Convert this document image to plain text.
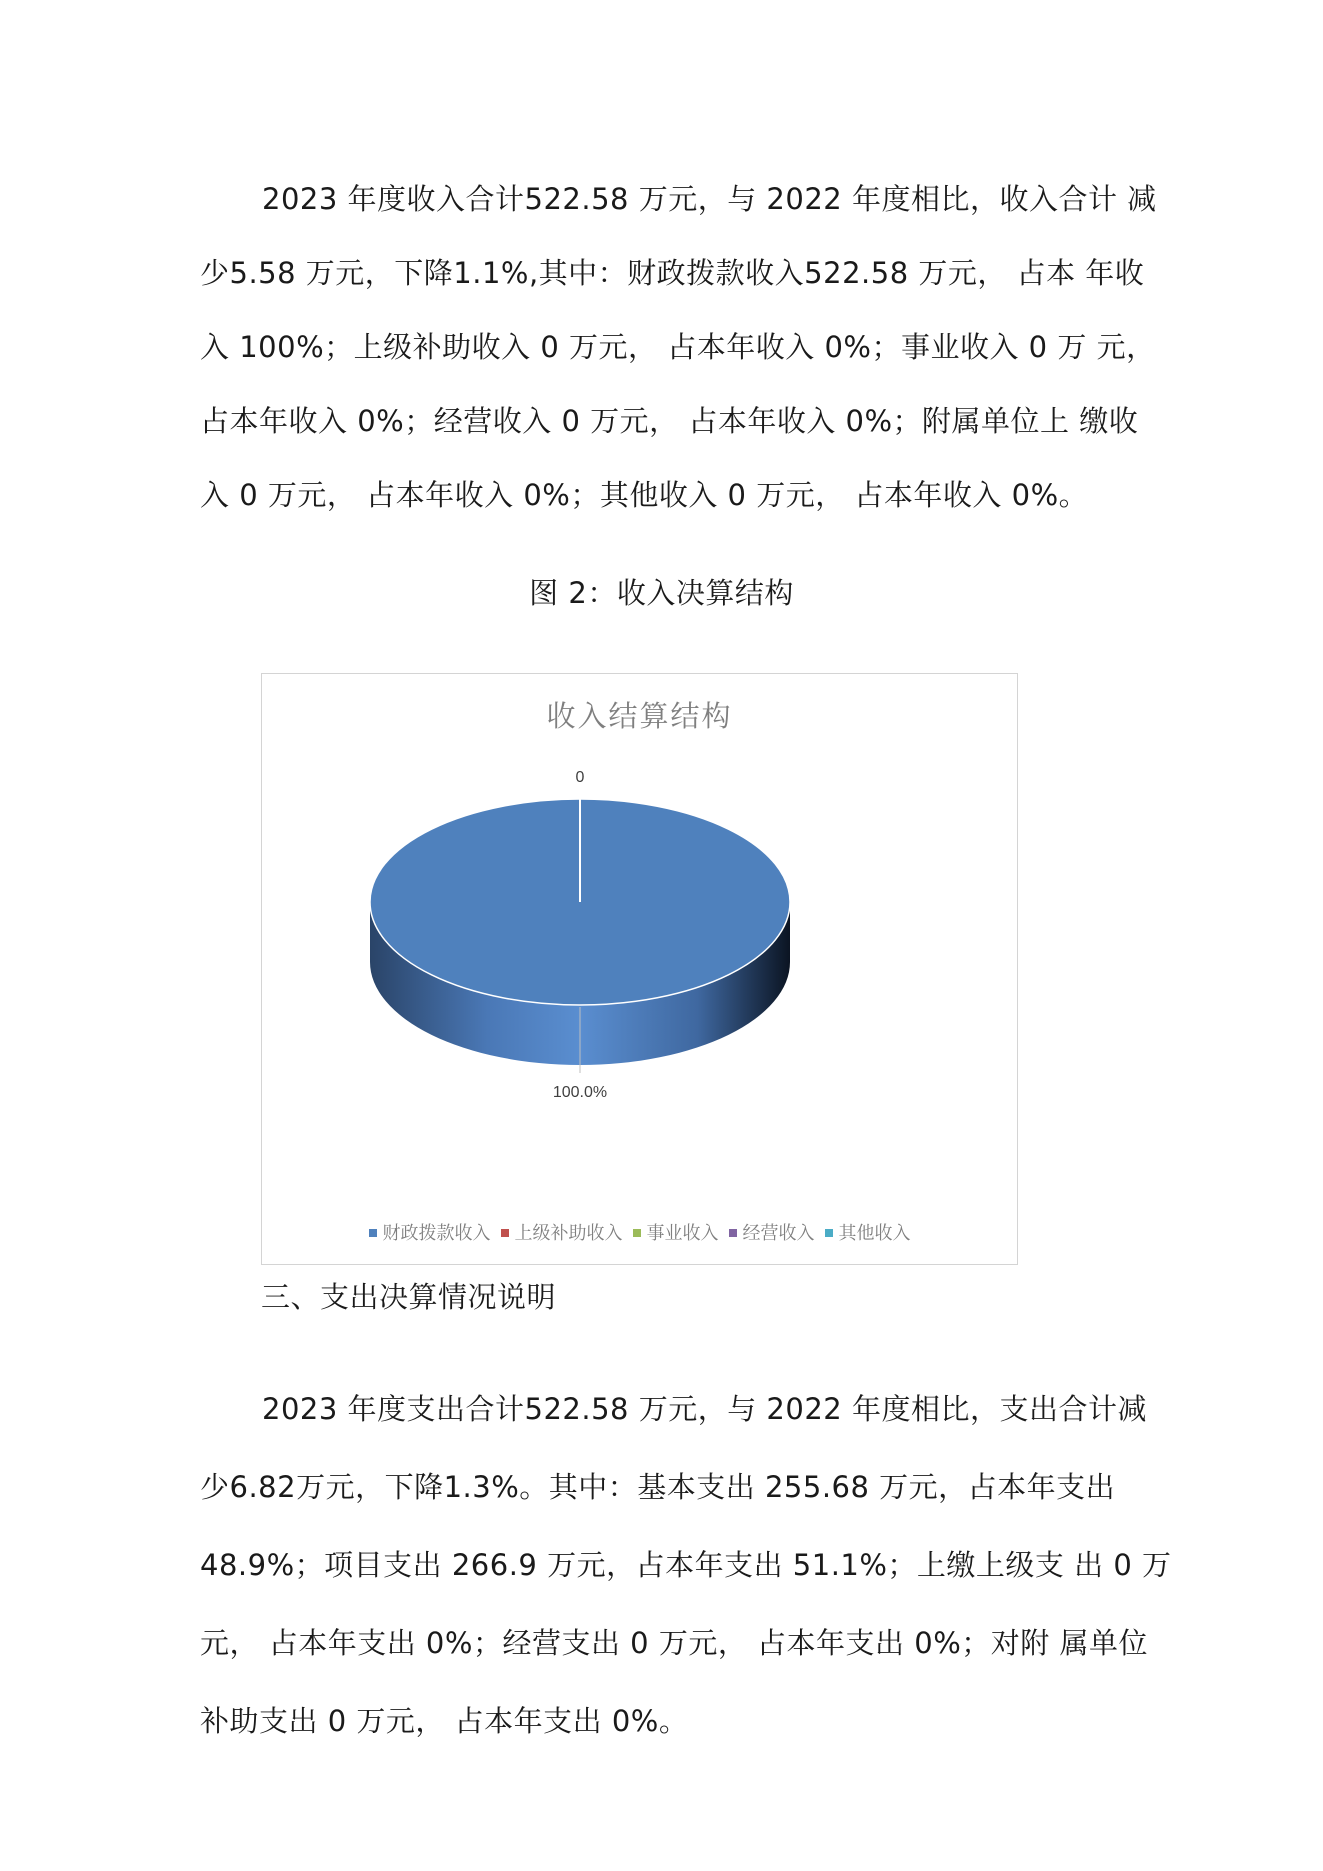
2023 年度收入合计522.58 万元，与 2022 年度相比，收入合计 减
少5.58 万元，下降1.1%,其中：财政拨款收入522.58 万元， 占本 年收
入 100%；上级补助收入 0 万元， 占本年收入 0%；事业收入 0 万 元，
占本年收入 0%；经营收入 0 万元， 占本年收入 0%；附属单位上 缴收
入 0 万元， 占本年收入 0%；其他收入 0 万元， 占本年收入 0%。
图 2：收入决算结构
收入结算结构
100.0%
0
财政拨款收入 上级补助收入 事业收入 经营收入 其他收入
三、支出决算情况说明
2023 年度支出合计522.58 万元，与 2022 年度相比，支出合计减
少6.82万元，下降1.3%。其中：基本支出 255.68 万元，占本年支出
48.9%；项目支出 266.9 万元，占本年支出 51.1%；上缴上级支 出 0 万
元， 占本年支出 0%；经营支出 0 万元， 占本年支出 0%；对附 属单位
补助支出 0 万元， 占本年支出 0%。
